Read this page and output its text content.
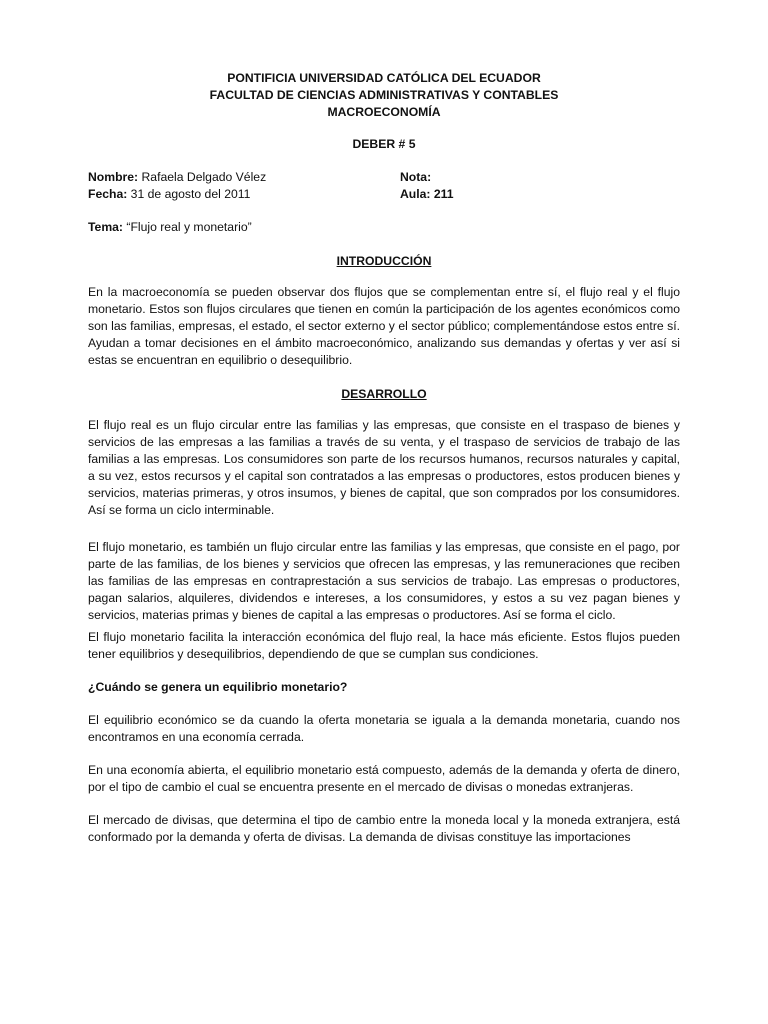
PONTIFICIA UNIVERSIDAD CATÓLICA DEL ECUADOR
FACULTAD DE CIENCIAS ADMINISTRATIVAS Y CONTABLES
MACROECONOMÍA
DEBER # 5
Nombre: Rafaela Delgado Vélez	Nota:
Fecha: 31 de agosto del 2011	Aula: 211
Tema: “Flujo real y monetario”
INTRODUCCIÓN

En la macroeconomía se pueden observar dos flujos que se complementan entre sí, el flujo real y el flujo monetario. Estos son flujos circulares que tienen en común la participación de los agentes económicos como son las familias, empresas, el estado, el sector externo y el sector público; complementándose estos entre sí. Ayudan a tomar decisiones en el ámbito macroeconómico, analizando sus demandas y ofertas y ver así si estas se encuentran en equilibrio o desequilibrio.

DESARROLLO

El flujo real es un flujo circular entre las familias y las empresas, que consiste en el traspaso de bienes y servicios de las empresas a las familias a través de su venta, y el traspaso de servicios de trabajo de las familias a las empresas. Los consumidores son parte de los recursos humanos, recursos naturales y capital, a su vez, estos recursos y el capital son contratados a las empresas o productores, estos producen bienes y servicios, materias primeras, y otros insumos, y bienes de capital, que son comprados por los consumidores. Así se forma un ciclo interminable.

El flujo monetario, es también un flujo circular entre las familias y las empresas, que consiste en el pago, por parte de las familias, de los bienes y servicios que ofrecen las empresas, y las remuneraciones que reciben las familias de las empresas en contraprestación a sus servicios de trabajo. Las empresas o productores, pagan salarios, alquileres, dividendos e intereses, a los consumidores, y estos a su vez pagan bienes y servicios, materias primas y bienes de capital a las empresas o productores. Así se forma el ciclo.

El flujo monetario facilita la interacción económica del flujo real, la hace más eficiente. Estos flujos pueden tener equilibrios y desequilibrios, dependiendo de que se cumplan sus condiciones.

¿Cuándo se genera un equilibrio monetario?

El equilibrio económico se da cuando la oferta monetaria se iguala a la demanda monetaria, cuando nos encontramos en una economía cerrada.

En una economía abierta, el equilibrio monetario está compuesto, además de la demanda y oferta de dinero, por el tipo de cambio el cual se encuentra presente en el mercado de divisas o monedas extranjeras.

El mercado de divisas, que determina el tipo de cambio entre la moneda local y la moneda extranjera, está conformado por la demanda y oferta de divisas. La demanda de divisas constituye las importaciones
